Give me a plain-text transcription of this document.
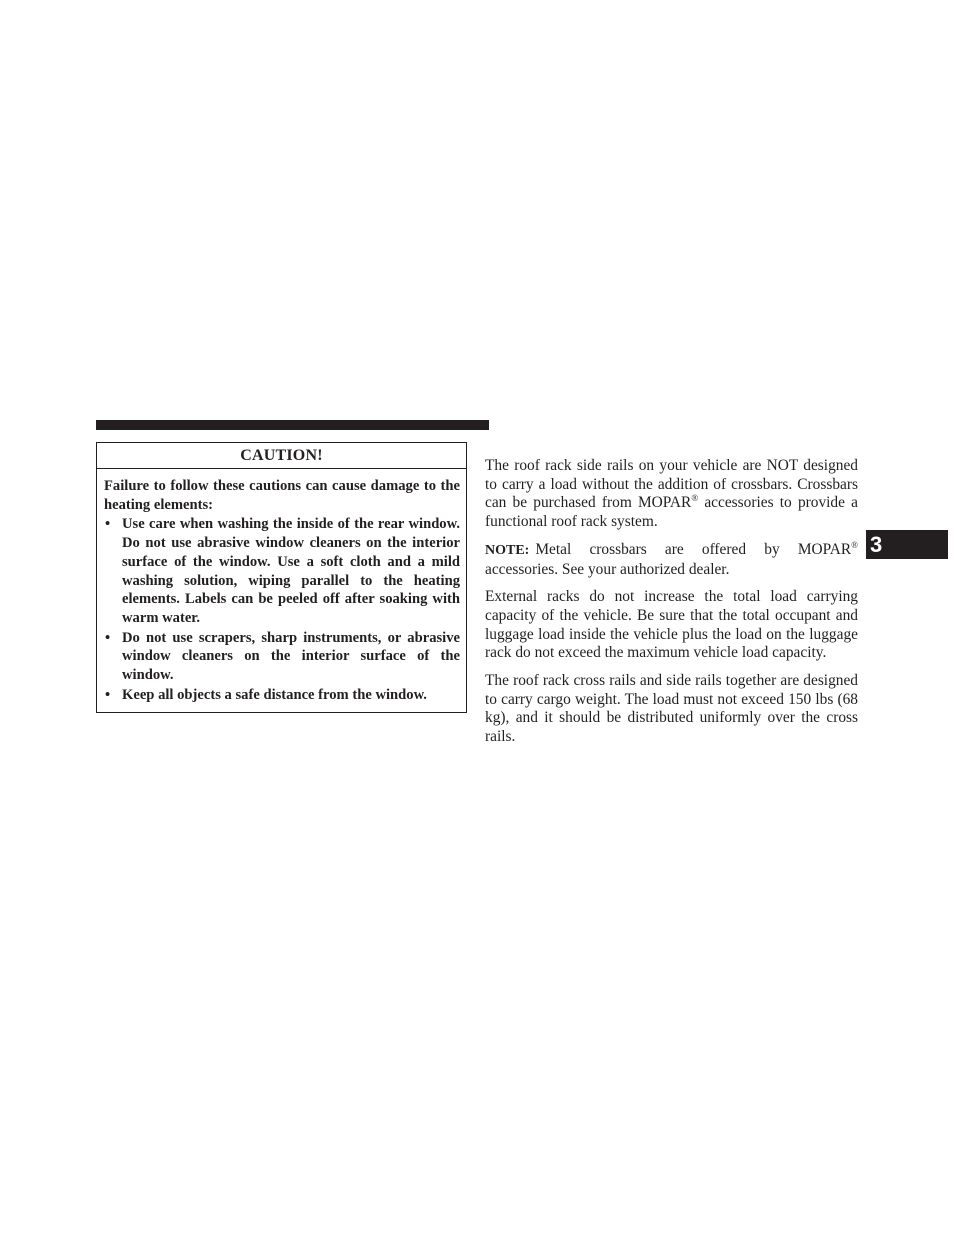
CAUTION!

Failure to follow these cautions can cause damage to the heating elements:

• Use care when washing the inside of the rear window. Do not use abrasive window cleaners on the interior surface of the window. Use a soft cloth and a mild washing solution, wiping parallel to the heating elements. Labels can be peeled off after soaking with warm water.
• Do not use scrapers, sharp instruments, or abrasive window cleaners on the interior surface of the window.
• Keep all objects a safe distance from the window.

The roof rack side rails on your vehicle are NOT designed to carry a load without the addition of crossbars. Crossbars can be purchased from MOPAR® accessories to provide a functional roof rack system.

NOTE: Metal crossbars are offered by MOPAR® accessories. See your authorized dealer.

External racks do not increase the total load carrying capacity of the vehicle. Be sure that the total occupant and luggage load inside the vehicle plus the load on the luggage rack do not exceed the maximum vehicle load capacity.

The roof rack cross rails and side rails together are designed to carry cargo weight. The load must not exceed 150 lbs (68 kg), and it should be distributed uniformly over the cross rails.

3
